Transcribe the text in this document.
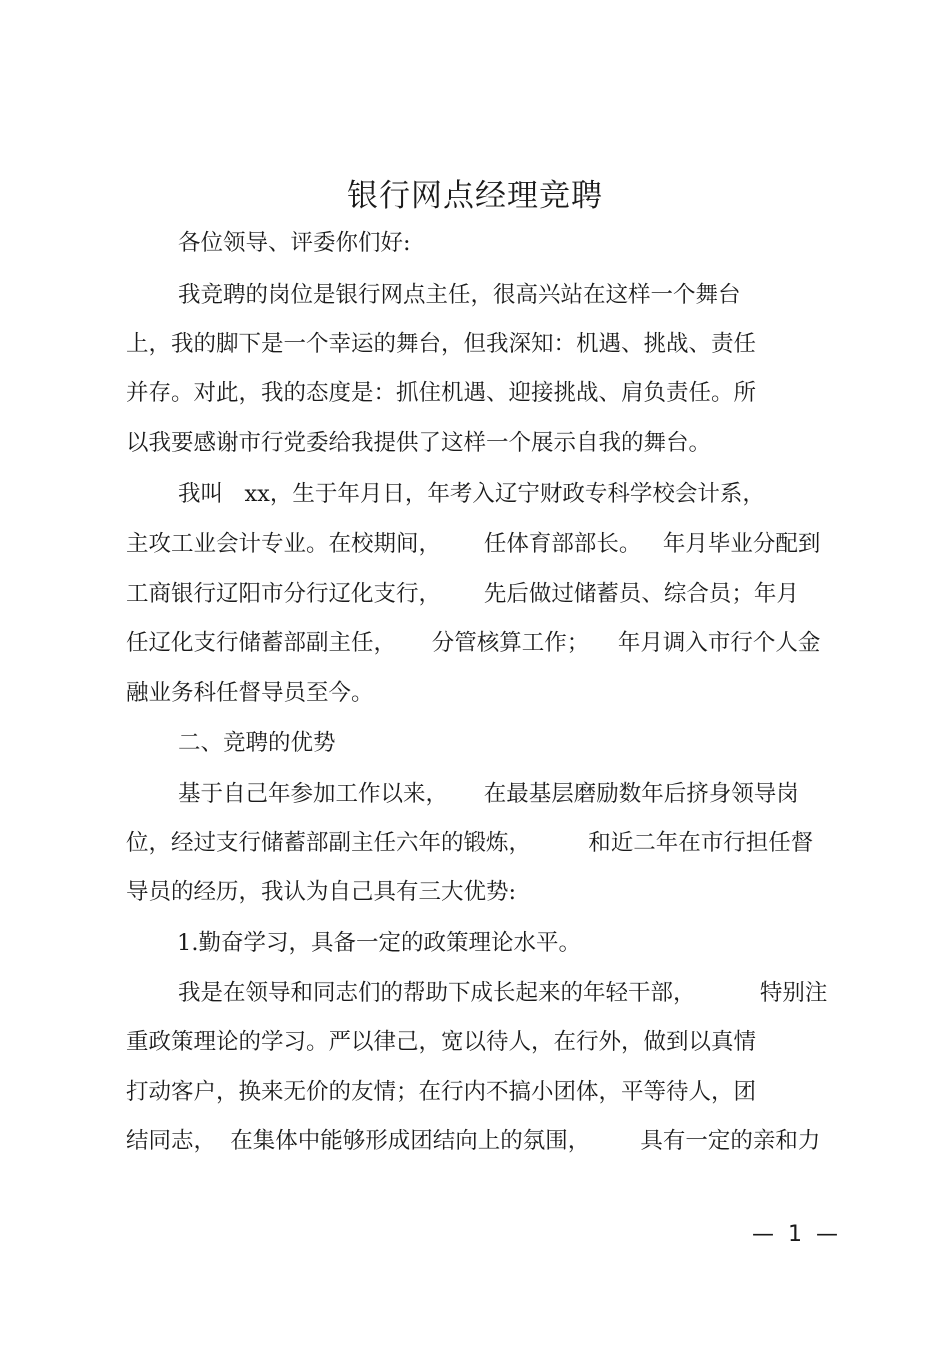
银行网点经理竞聘
各位领导、评委你们好:
我竞聘的岗位是银行网点主任，很高兴站在这样一个舞台
上，我的脚下是一个幸运的舞台，但我深知：机遇、挑战、责任
并存。对此，我的态度是：抓住机遇、迎接挑战、肩负责任。所
以我要感谢市行党委给我提供了这样一个展示自我的舞台。
我叫   xx，生于年月日，年考入辽宁财政专科学校会计系，
主攻工业会计专业。在校期间，      任体育部部长。   年月毕业分配到
工商银行辽阳市分行辽化支行，      先后做过储蓄员、综合员；年月
任辽化支行储蓄部副主任，     分管核算工作；    年月调入市行个人金
融业务科任督导员至今。
二、竞聘的优势
基于自己年参加工作以来，     在最基层磨励数年后挤身领导岗
位，经过支行储蓄部副主任六年的锻炼，        和近二年在市行担任督
导员的经历，我认为自己具有三大优势:
1.勤奋学习，具备一定的政策理论水平。
我是在领导和同志们的帮助下成长起来的年轻干部，         特别注
重政策理论的学习。严以律己，宽以待人，在行外，做到以真情
打动客户，换来无价的友情；在行内不搞小团体，平等待人，团
结同志，  在集体中能够形成团结向上的氛围，       具有一定的亲和力
—  1  —
